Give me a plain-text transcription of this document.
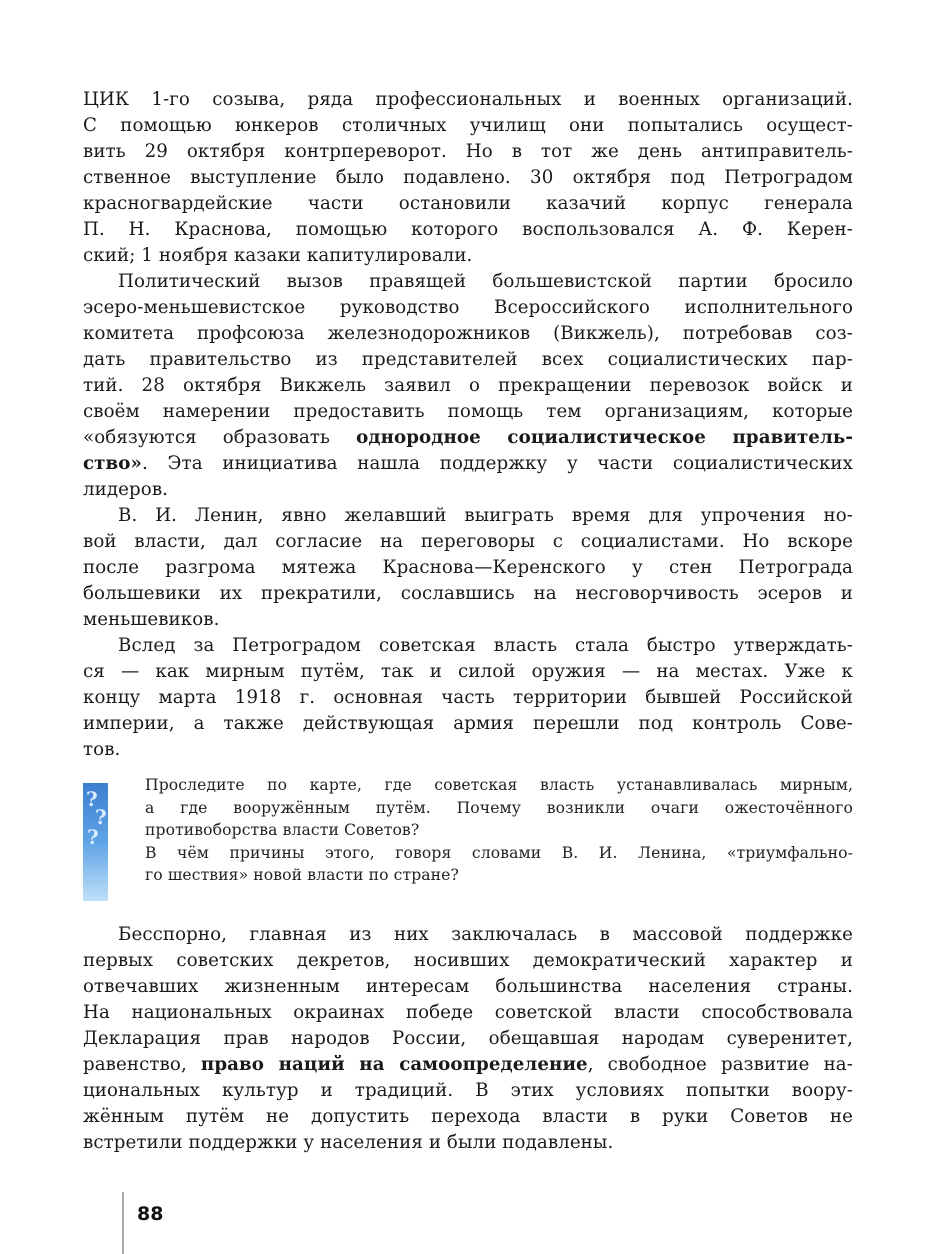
ЦИК 1-го созыва, ряда профессиональных и военных организаций.
С помощью юнкеров столичных училищ они попытались осущест-
вить 29 октября контрпереворот. Но в тот же день антиправитель-
ственное выступление было подавлено. 30 октября под Петроградом
красногвардейские части остановили казачий корпус генерала
П. Н. Краснова, помощью которого воспользовался А. Ф. Керен-
ский; 1 ноября казаки капитулировали.
Политический вызов правящей большевистской партии бросило
эсеро-меньшевистское руководство Всероссийского исполнительного
комитета профсоюза железнодорожников (Викжель), потребовав соз-
дать правительство из представителей всех социалистических пар-
тий. 28 октября Викжель заявил о прекращении перевозок войск и
своём намерении предоставить помощь тем организациям, которые
«обязуются образовать однородное социалистическое правитель-
ство». Эта инициатива нашла поддержку у части социалистических
лидеров.
В. И. Ленин, явно желавший выиграть время для упрочения но-
вой власти, дал согласие на переговоры с социалистами. Но вскоре
после разгрома мятежа Краснова—Керенского у стен Петрограда
большевики их прекратили, сославшись на несговорчивость эсеров и
меньшевиков.
Вслед за Петроградом советская власть стала быстро утверждать-
ся — как мирным путём, так и силой оружия — на местах. Уже к
концу марта 1918 г. основная часть территории бывшей Российской
империи, а также действующая армия перешли под контроль Сове-
тов.
?
?
?
Проследите по карте, где советская власть устанавливалась мирным,
а где вооружённым путём. Почему возникли очаги ожесточённого
противоборства власти Советов?
В чём причины этого, говоря словами В. И. Ленина, «триумфально-
го шествия» новой власти по стране?
Бесспорно, главная из них заключалась в массовой поддержке
первых советских декретов, носивших демократический характер и
отвечавших жизненным интересам большинства населения страны.
На национальных окраинах победе советской власти способствовала
Декларация прав народов России, обещавшая народам суверенитет,
равенство, право наций на самоопределение, свободное развитие на-
циональных культур и традиций. В этих условиях попытки воору-
жённым путём не допустить перехода власти в руки Советов не
встретили поддержки у населения и были подавлены.
88
